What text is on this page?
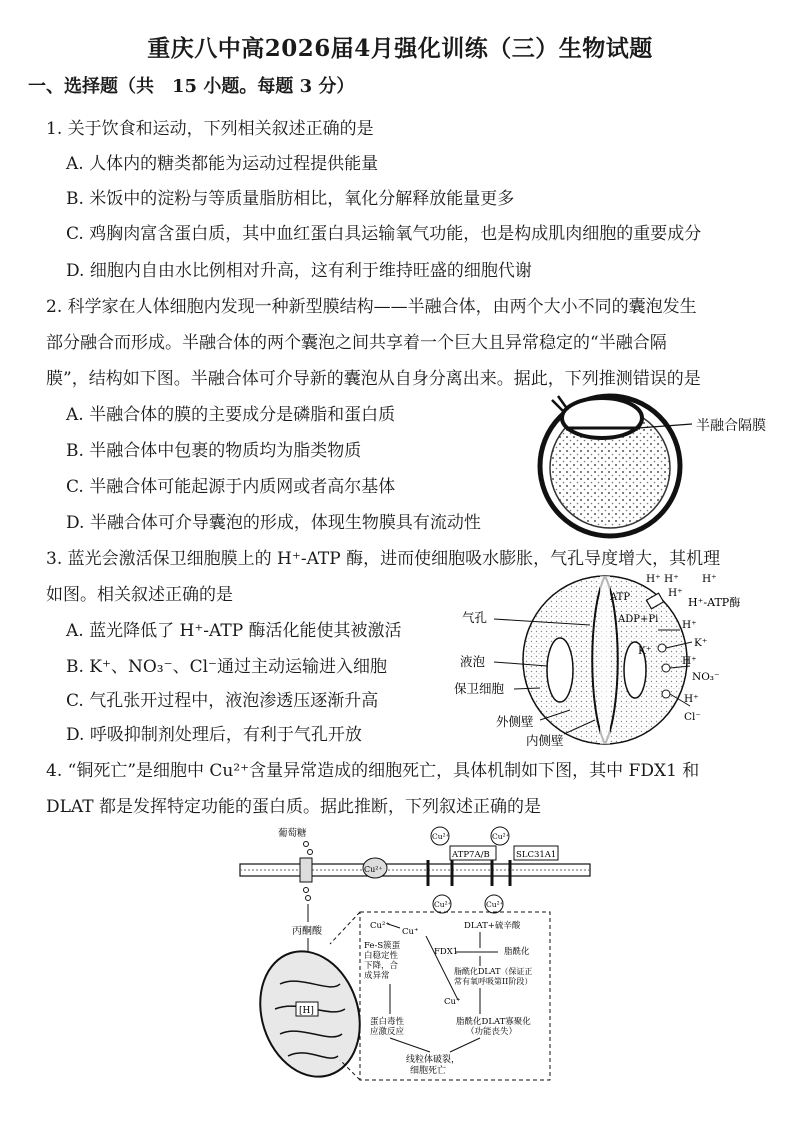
重庆八中高2026届4月强化训练（三）生物试题
一、选择题（共　15 小题。每题 3 分）
1. 关于饮食和运动，下列相关叙述正确的是
A. 人体内的糖类都能为运动过程提供能量
B. 米饭中的淀粉与等质量脂肪相比，氧化分解释放能量更多
C. 鸡胸肉富含蛋白质，其中血红蛋白具运输氧气功能，也是构成肌肉细胞的重要成分
D. 细胞内自由水比例相对升高，这有利于维持旺盛的细胞代谢
2. 科学家在人体细胞内发现一种新型膜结构——半融合体，由两个大小不同的囊泡发生
部分融合而形成。半融合体的两个囊泡之间共享着一个巨大且异常稳定的“半融合隔
膜”，结构如下图。半融合体可介导新的囊泡从自身分离出来。据此，下列推测错误的是
A. 半融合体的膜的主要成分是磷脂和蛋白质
B. 半融合体中包裹的物质均为脂类物质
C. 半融合体可能起源于内质网或者高尔基体
D. 半融合体可介导囊泡的形成，体现生物膜具有流动性
半融合隔膜
3. 蓝光会激活保卫细胞膜上的 H⁺-ATP 酶，进而使细胞吸水膨胀，气孔导度增大，其机理
如图。相关叙述正确的是
A. 蓝光降低了 H⁺-ATP 酶活化能使其被激活
B. K⁺、NO₃⁻、Cl⁻通过主动运输进入细胞
C. 气孔张开过程中，液泡渗透压逐渐升高
D. 呼吸抑制剂处理后，有利于气孔开放
气孔
液泡
保卫细胞
外侧壁
内侧壁
ATP
ADP+Pi
H⁺ H⁺ H⁺
H⁺
H⁺-ATP酶
H⁺
K⁺
K⁺
H⁺
NO₃⁻
H⁺
Cl⁻
4. “铜死亡”是细胞中 Cu²⁺含量异常造成的细胞死亡，具体机制如下图，其中 FDX1 和
DLAT 都是发挥特定功能的蛋白质。据此推断，下列叙述正确的是
葡萄糖
Cu²⁺
Cu²⁺
ATP7A/B
Cu²⁺
Cu²⁺
SLC31A1
Cu²⁺
丙酮酸
[H]
Cu²⁺
Cu⁺
Fe-S簇蛋
白稳定性
下降，合
成异常
DLAT+硫辛酸
FDX1	脂酰化
脂酰化DLAT（保证正
常有氧呼吸第II阶段）
Cu⁺
蛋白毒性
应激反应
脂酰化DLAT寡聚化
（功能丧失）
线粒体破裂，
细胞死亡
